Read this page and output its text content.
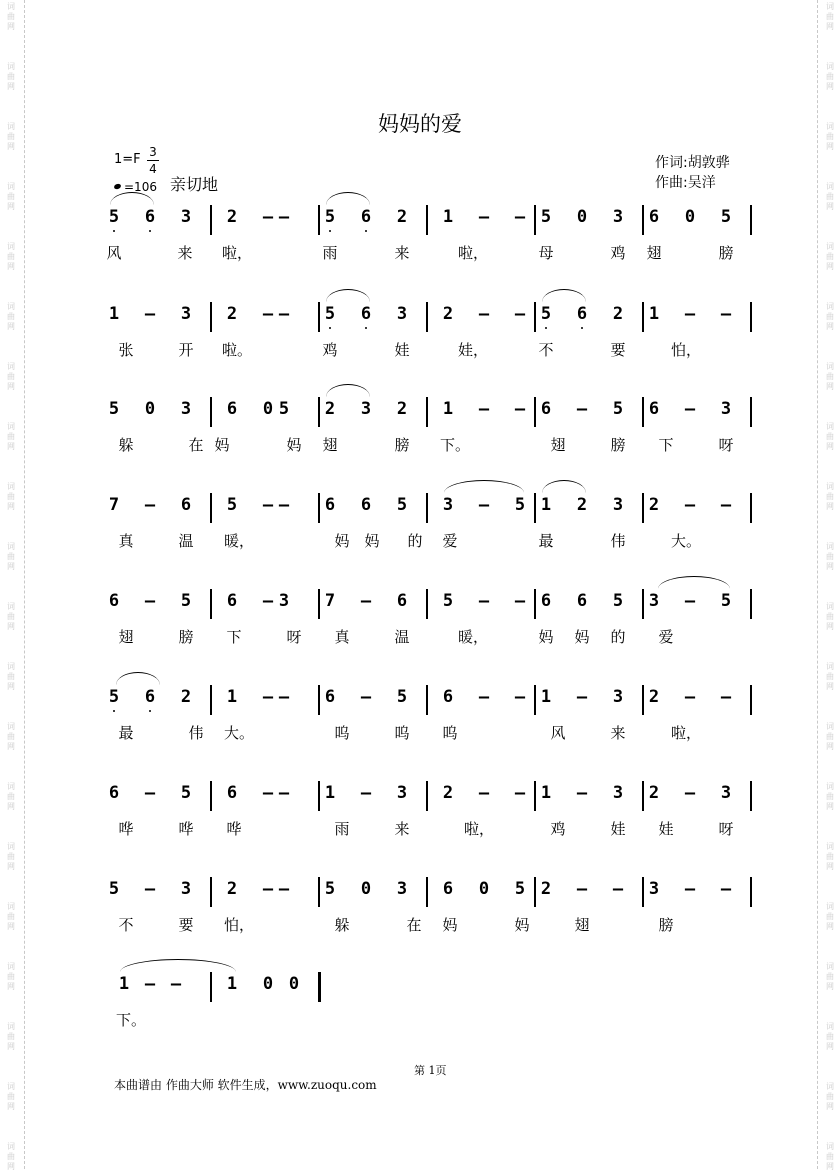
词
曲
网
词
曲
网
词
曲
网
词
曲
网
词
曲
网
词
曲
网
词
曲
网
词
曲
网
词
曲
网
词
曲
网
词
曲
网
词
曲
网
词
曲
网
词
曲
网
词
曲
网
词
曲
网
词
曲
网
词
曲
网
词
曲
网
词
曲
网
词
曲
网
词
曲
网
词
曲
网
词
曲
网
词
曲
网
词
曲
网
词
曲
网
词
曲
网
词
曲
网
词
曲
网
词
曲
网
词
曲
网
词
曲
网
词
曲
网
词
曲
网
词
曲
网
词
曲
网
词
曲
网
词
曲
网
词
曲
网
妈妈的爱
1=F 3
4
=106 亲切地
作词:胡敦骅
作曲:吴洋
5 6 3 2 – – 5 6 2 1 – – 5 0 3 6 0 5
风	来 啦，	雨	来	啦，	母	鸡 翅	膀
1 – 3 2 – – 5 6 3 2 – – 5 6 2 1 – –
张	开 啦。	鸡	娃	娃，	不	要	怕，
5 0 3 6 0 5 2 3 2 1 – – 6 – 5 6 – 3
躲	在 妈	妈 翅	膀 下。	翅	膀 下	呀
7 – 6 5 – – 6 6 5 3 – 5 1 2 3 2 – –
真	温 暖，	妈 妈 的 爱	最	伟	大。
6 – 5 6 – 3 7 – 6 5 – – 6 6 5 3 – 5
翅	膀 下	呀 真	温	暖，	妈 妈 的 爱
5 6 2 1 – – 6 – 5 6 – – 1 – 3 2 – –
最	伟 大。	呜	呜 呜	风	来	啦，
6 – 5 6 – – 1 – 3 2 – – 1 – 3 2 – 3
哗	哗 哗	雨	来	啦，	鸡	娃 娃	呀
5 – 3 2 – – 5 0 3 6 0 5 2 – – 3 – –
不	要 怕，	躲	在 妈	妈	翅	膀
1 – –	1 0 0
下。
第 1页
本曲谱由 作曲大师 软件生成，www.zuoqu.com
